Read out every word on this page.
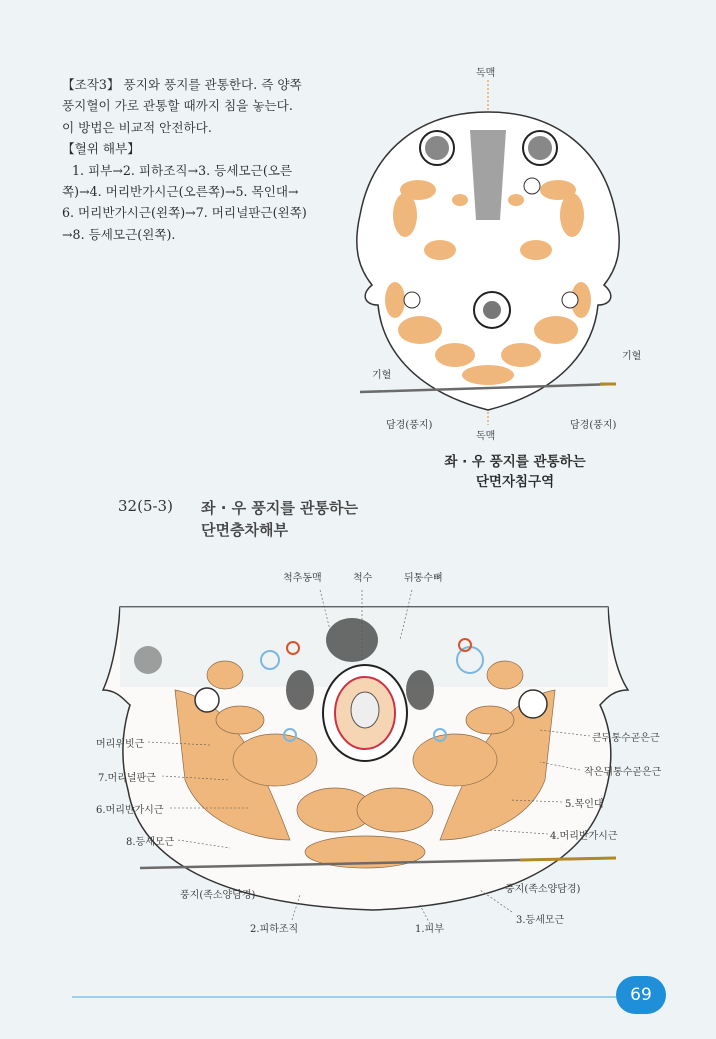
【조작3】 풍지와 풍지를 관통한다. 즉 양쪽
풍지혈이 가로 관통할 때까지 침을 놓는다.
이 방법은 비교적 안전하다.
【혈위 해부】
1. 피부→2. 피하조직→3. 등세모근(오른
쪽)→4. 머리반가시근(오른쪽)→5. 목인대→
6. 머리반가시근(왼쪽)→7. 머리널판근(왼쪽)
→8. 등세모근(왼쪽).
독맥
기혈
기혈
담경(풍지)	담경(풍지)
독맥
좌 · 우 풍지를 관통하는
단면자침구역
32(5-3) 좌 · 우 풍지를 관통하는
단면층차해부
척추동맥	척수	뒤통수뼈
머리위빗근
7.머리널판근
6.머리반가시근
8.등세모근
풍지(족소양담경)
2.피하조직	1.피부
큰뒤통수곧은근
작은뒤통수곧은근
5.목인대
4.머리반가시근
풍지(족소양담경)
3.등세모근
69
